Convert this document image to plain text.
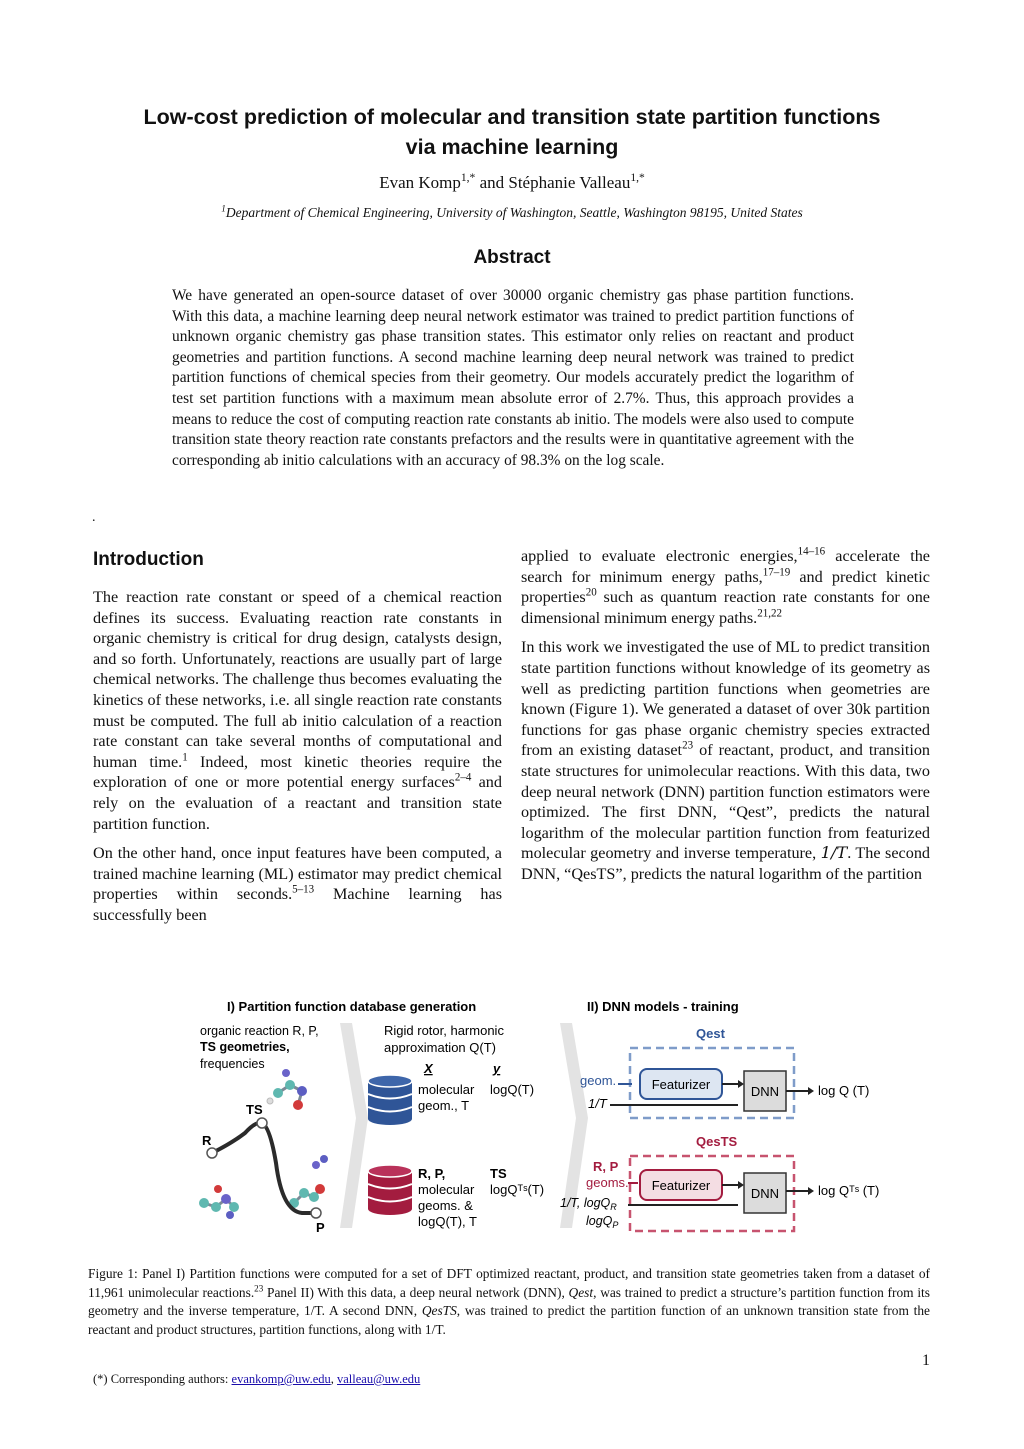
Low-cost prediction of molecular and transition state partition functions
via machine learning
Evan Komp$^{1,*}$ and Stéphanie Valleau$^{1,*}$
$^1$Department of Chemical Engineering, University of Washington, Seattle, Washington 98195, United States
Abstract

We have generated an open-source dataset of over 30000 organic chemistry gas phase partition functions. With this data, a machine learning deep neural network estimator was trained to predict partition functions of unknown organic chemistry gas phase transition states. This estimator only relies on reactant and product geometries and partition functions. A second machine learning deep neural network was trained to predict partition functions of chemical species from their geometry. Our models accurately predict the logarithm of test set partition functions with a maximum mean absolute error of 2.7%. Thus, this approach provides a means to reduce the cost of computing reaction rate constants ab initio. The models were also used to compute transition state theory reaction rate constants prefactors and the results were in quantitative agreement with the corresponding ab initio calculations with an accuracy of 98.3% on the log scale.

.
Introduction

The reaction rate constant or speed of a chemical reaction defines its success. Evaluating reaction rate constants in organic chemistry is critical for drug design, catalysts design, and so forth. Unfortunately, reactions are usually part of large chemical networks. The challenge thus becomes evaluating the kinetics of these networks, i.e. all single reaction rate constants must be computed. The full ab initio calculation of a reaction rate constant can take several months of computational and human time.$^1$ Indeed, most kinetic theories require the exploration of one or more potential energy surfaces$^{2-4}$ and rely on the evaluation of a reactant and transition state partition function.

On the other hand, once input features have been computed, a trained machine learning (ML) estimator may predict chemical properties within seconds.$^{5-13}$ Machine learning has successfully been

applied to evaluate electronic energies,$^{14-16}$ accelerate the search for minimum energy paths,$^{17-19}$ and predict kinetic properties$^{20}$ such as quantum reaction rate constants for one dimensional minimum energy paths.$^{21,22}$

In this work we investigated the use of ML to predict transition state partition functions without knowledge of its geometry as well as predicting partition functions when geometries are known (Figure 1). We generated a dataset of over 30k partition functions for gas phase organic chemistry species extracted from an existing dataset$^{23}$ of reactant, product, and transition state structures for unimolecular reactions. With this data, two deep neural network (DNN) partition function estimators were optimized. The first DNN, “Qest”, predicts the natural logarithm of the molecular partition function from featurized molecular geometry and inverse temperature, 1/T. The second DNN, “QesTS”, predicts the natural logarithm of the partition

I) Partition function database generation	II) DNN models - training
organic reaction R, P,
TS geometries,
frequencies
TS
R
P
Rigid rotor, harmonic
approximation Q(T)
X	y
molecular
geom., T
logQ(T)
R, P,
molecular
geoms. &
logQ(T), T
TS
logQᵀˢ(T)
Qest
geom.
1/T
Featurizer	DNN	log Q (T)
QesTS
R, P
geoms. Featurizer
1/T, logQ$_R$
logQ$_P$
DNN	log Qᵀˢ (T)

Figure 1: Panel I) Partition functions were computed for a set of DFT optimized reactant, product, and transition state geometries taken from a dataset of 11,961 unimolecular reactions.$^{23}$ Panel II) With this data, a deep neural network (DNN), Qest, was trained to predict a structure’s partition function from its geometry and the inverse temperature, 1/T. A second DNN, QesTS, was trained to predict the partition function of an unknown transition state from the reactant and product structures, partition functions, along with 1/T.

1
(*) Corresponding authors: evankomp@uw.edu, valleau@uw.edu
